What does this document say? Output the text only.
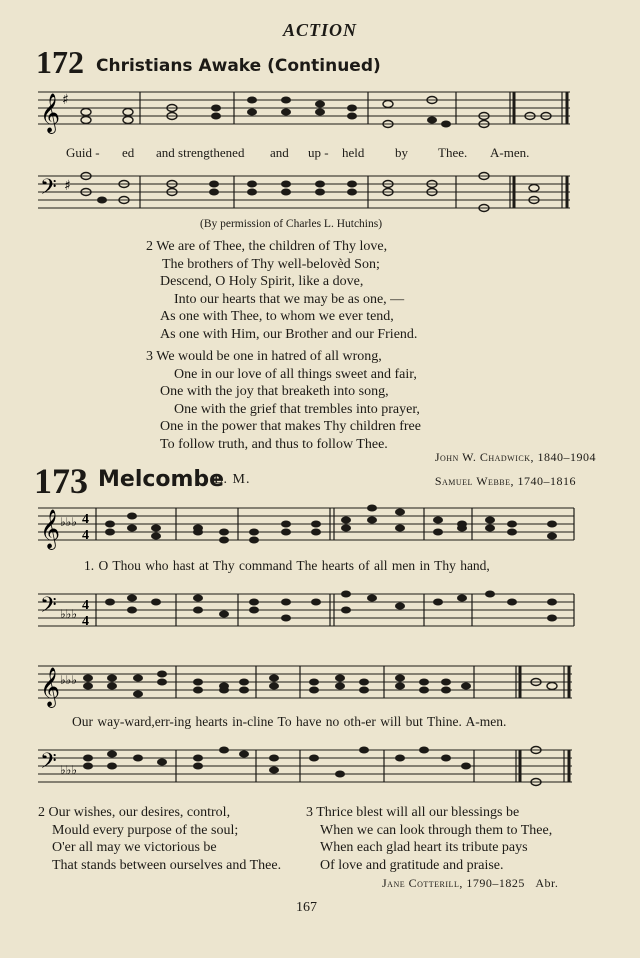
ACTION
172 Christians Awake (Continued)
𝄞 ♯
Guid - ed and strengthened and up - held by Thee. A-men.
𝄢 ♯
(By permission of Charles L. Hutchins)
2 We are of Thee, the children of Thy love,
The brothers of Thy well-belovèd Son;
Descend, O Holy Spirit, like a dove,
Into our hearts that we may be as one, —
As one with Thee, to whom we ever tend,
As one with Him, our Brother and our Friend.
3 We would be one in hatred of all wrong,
One in our love of all things sweet and fair,
One with the joy that breaketh into song,
One with the grief that trembles into prayer,
One in the power that makes Thy children free
To follow truth, and thus to follow Thee.
John W. Chadwick, 1840–1904
173 Melcombe
L. M.	Samuel Webbe, 1740–1816
𝄞 ♭♭♭ 4
4
1. O Thou who hast at Thy command The hearts of all men in Thy hand,
𝄢 ♭♭♭
4
4
𝄞 ♭♭♭
Our way-ward,err-ing hearts in-cline To have no oth-er will but Thine. A-men.
𝄢 ♭♭♭
2 Our wishes, our desires, control,
Mould every purpose of the soul;
O'er all may we victorious be
That stands between ourselves and Thee.
3 Thrice blest will all our blessings be
When we can look through them to Thee,
When each glad heart its tribute pays
Of love and gratitude and praise.
Jane Cotterill, 1790–1825 Abr.
167
